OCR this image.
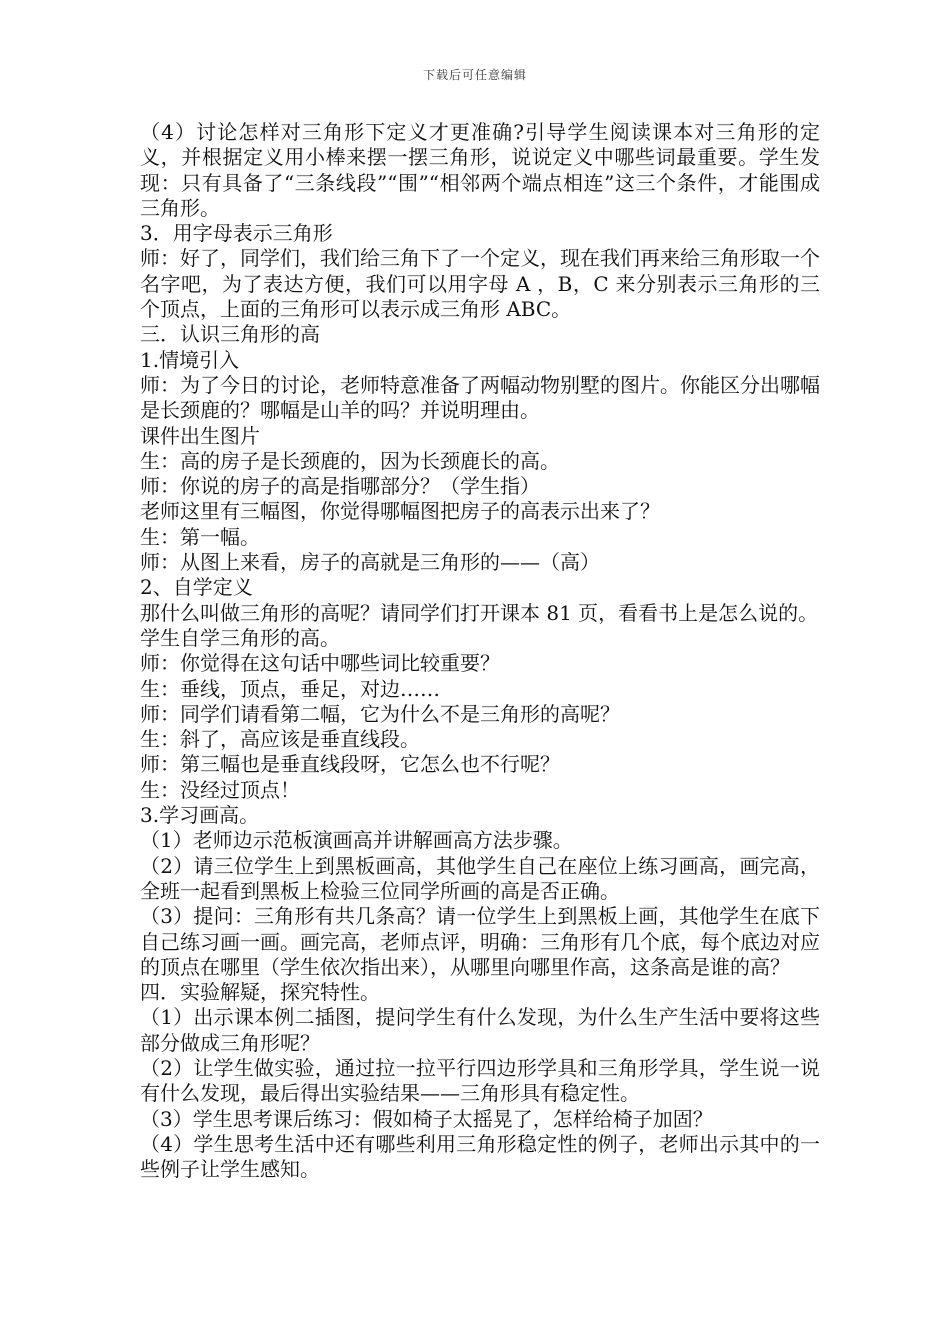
下载后可任意编辑

（4）讨论怎样对三角形下定义才更准确?引导学生阅读课本对三角形的定义，并根据定义用小棒来摆一摆三角形，说说定义中哪些词最重要。学生发现：只有具备了“三条线段”“围”“相邻两个端点相连”这三个条件，才能围成三角形。

3．用字母表示三角形

师：好了，同学们，我们给三角下了一个定义，现在我们再来给三角形取一个名字吧，为了表达方便，我们可以用字母 A ，B，C 来分别表示三角形的三个顶点，上面的三角形可以表示成三角形 ABC。

三．认识三角形的高

1.情境引入

师：为了今日的讨论，老师特意准备了两幅动物别墅的图片。你能区分出哪幅是长颈鹿的？哪幅是山羊的吗？并说明理由。

课件出生图片

生：高的房子是长颈鹿的，因为长颈鹿长的高。

师：你说的房子的高是指哪部分？（学生指）

老师这里有三幅图，你觉得哪幅图把房子的高表示出来了？

生：第一幅。

师：从图上来看，房子的高就是三角形的——（高）

2、自学定义

那什么叫做三角形的高呢？请同学们打开课本 81 页，看看书上是怎么说的。

学生自学三角形的高。

师：你觉得在这句话中哪些词比较重要？

生：垂线，顶点，垂足，对边……

师：同学们请看第二幅，它为什么不是三角形的高呢？

生：斜了，高应该是垂直线段。

师：第三幅也是垂直线段呀，它怎么也不行呢？

生：没经过顶点！

3.学习画高。

（1）老师边示范板演画高并讲解画高方法步骤。

（2）请三位学生上到黑板画高，其他学生自己在座位上练习画高，画完高，全班一起看到黑板上检验三位同学所画的高是否正确。

（3）提问：三角形有共几条高？请一位学生上到黑板上画，其他学生在底下自己练习画一画。画完高，老师点评，明确：三角形有几个底，每个底边对应的顶点在哪里（学生依次指出来），从哪里向哪里作高，这条高是谁的高？

四．实验解疑，探究特性。

（1）出示课本例二插图，提问学生有什么发现，为什么生产生活中要将这些部分做成三角形呢？

（2）让学生做实验，通过拉一拉平行四边形学具和三角形学具，学生说一说有什么发现，最后得出实验结果——三角形具有稳定性。

（3）学生思考课后练习：假如椅子太摇晃了，怎样给椅子加固？

（4）学生思考生活中还有哪些利用三角形稳定性的例子，老师出示其中的一些例子让学生感知。
